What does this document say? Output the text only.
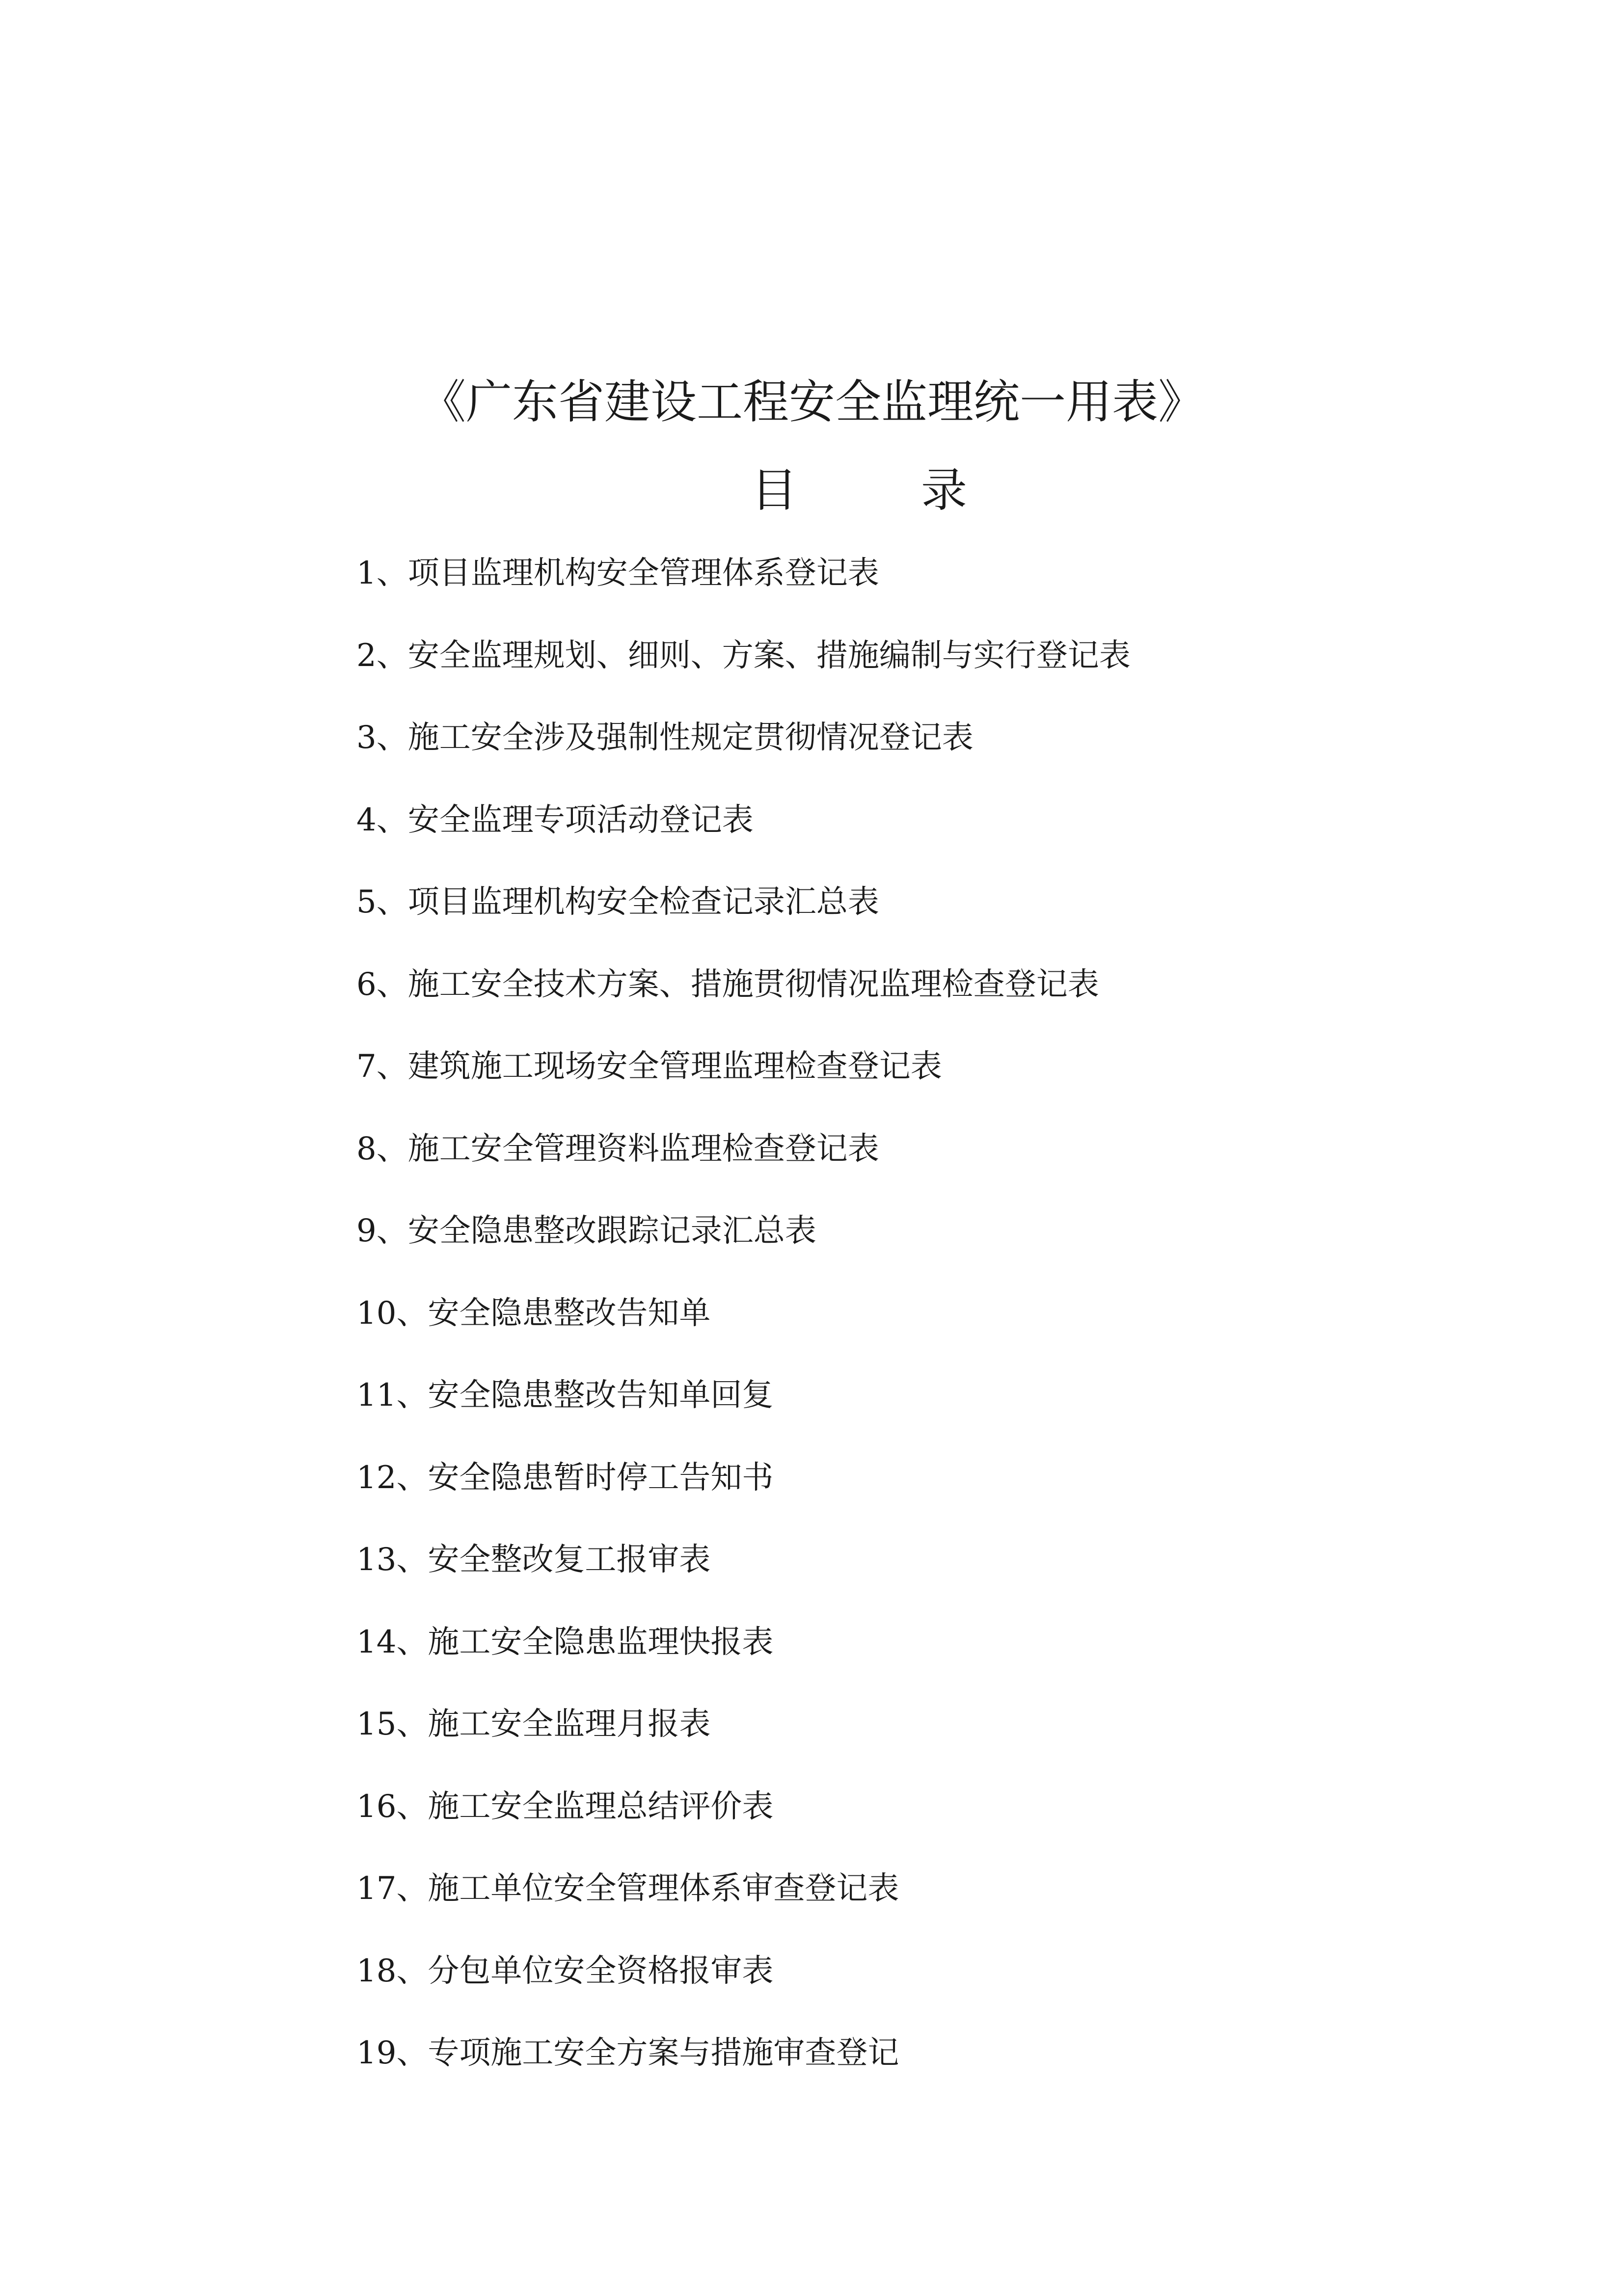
《广东省建设工程安全监理统一用表》
目	录
1、项目监理机构安全管理体系登记表
2、安全监理规划、细则、方案、措施编制与实行登记表
3、施工安全涉及强制性规定贯彻情况登记表
4、安全监理专项活动登记表
5、项目监理机构安全检查记录汇总表
6、施工安全技术方案、措施贯彻情况监理检查登记表
7、建筑施工现场安全管理监理检查登记表
8、施工安全管理资料监理检查登记表
9、安全隐患整改跟踪记录汇总表
10、安全隐患整改告知单
11、安全隐患整改告知单回复
12、安全隐患暂时停工告知书
13、安全整改复工报审表
14、施工安全隐患监理快报表
15、施工安全监理月报表
16、施工安全监理总结评价表
17、施工单位安全管理体系审查登记表
18、分包单位安全资格报审表
19、专项施工安全方案与措施审查登记
